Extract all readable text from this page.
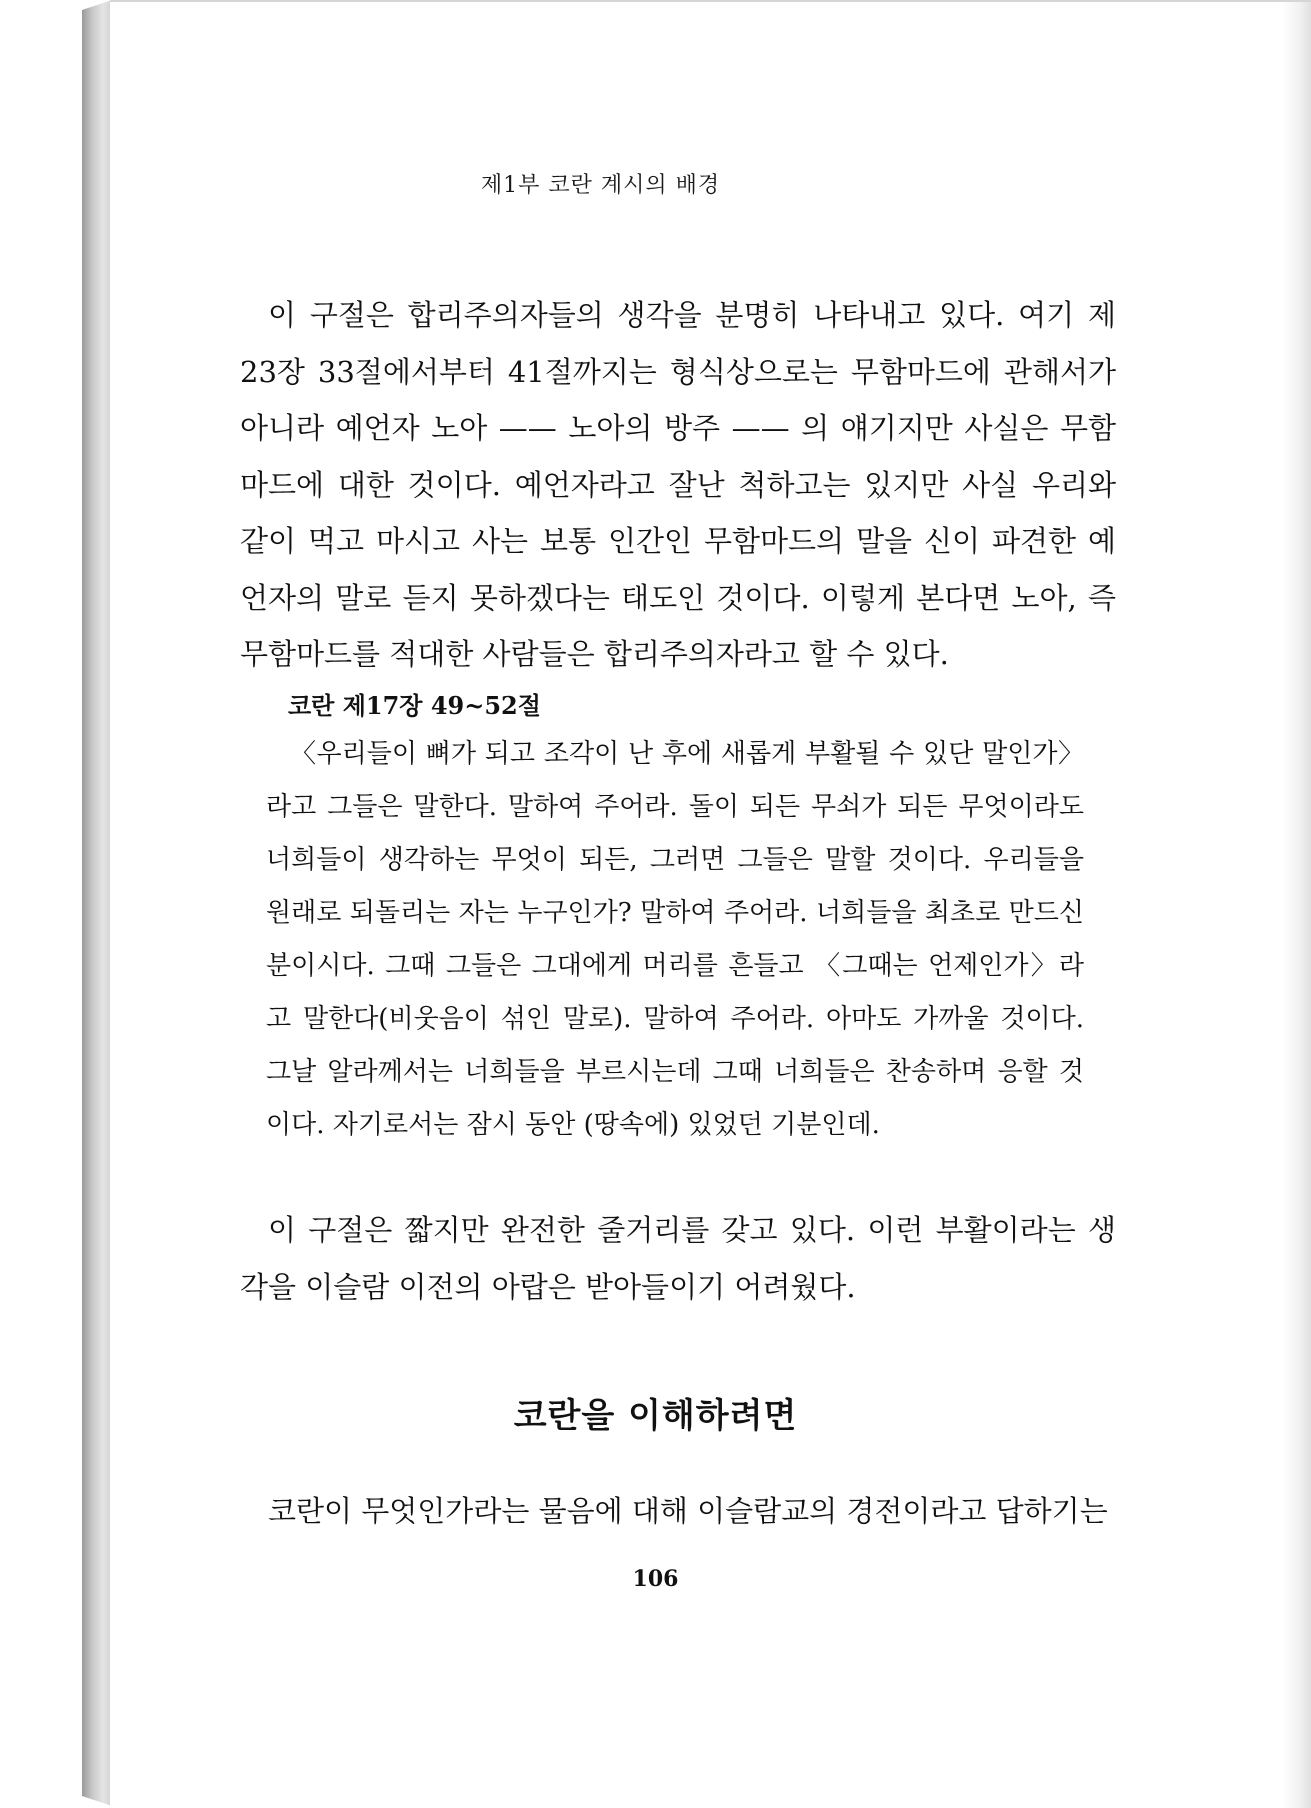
제1부 코란 계시의 배경
이 구절은 합리주의자들의 생각을 분명히 나타내고 있다. 여기 제 23장 33절에서부터 41절까지는 형식상으로는 무함마드에 관해서가 아니라 예언자 노아 —— 노아의 방주 —— 의 얘기지만 사실은 무함마드에 대한 것이다. 예언자라고 잘난 척하고는 있지만 사실 우리와 같이 먹고 마시고 사는 보통 인간인 무함마드의 말을 신이 파견한 예언자의 말로 듣지 못하겠다는 태도인 것이다. 이렇게 본다면 노아, 즉 무함마드를 적대한 사람들은 합리주의자라고 할 수 있다.
코란 제17장 49~52절
〈우리들이 뼈가 되고 조각이 난 후에 새롭게 부활될 수 있단 말인가〉 라고 그들은 말한다. 말하여 주어라. 돌이 되든 무쇠가 되든 무엇이라도 너희들이 생각하는 무엇이 되든, 그러면 그들은 말할 것이다. 우리들을 원래로 되돌리는 자는 누구인가? 말하여 주어라. 너희들을 최초로 만드신 분이시다. 그때 그들은 그대에게 머리를 흔들고 〈그때는 언제인가〉라고 말한다(비웃음이 섞인 말로). 말하여 주어라. 아마도 가까울 것이다. 그날 알라께서는 너희들을 부르시는데 그때 너희들은 찬송하며 응할 것이다. 자기로서는 잠시 동안 (땅속에) 있었던 기분인데.
이 구절은 짧지만 완전한 줄거리를 갖고 있다. 이런 부활이라는 생각을 이슬람 이전의 아랍은 받아들이기 어려웠다.
코란을 이해하려면
코란이 무엇인가라는 물음에 대해 이슬람교의 경전이라고 답하기는
106
